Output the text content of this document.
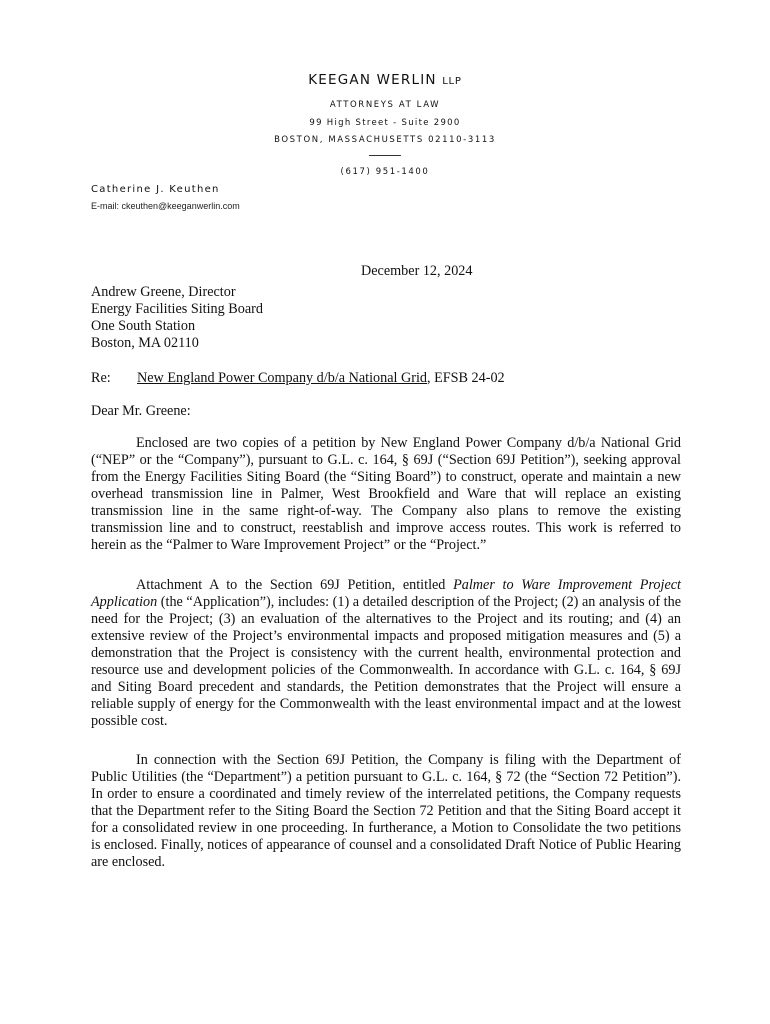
KEEGAN WERLIN LLP
ATTORNEYS AT LAW
99 High Street - Suite 2900
BOSTON, MASSACHUSETTS 02110-3113
(617) 951-1400
Catherine J. Keuthen
E-mail: ckeuthen@keeganwerlin.com
December 12, 2024
Andrew Greene, Director
Energy Facilities Siting Board
One South Station
Boston, MA 02110
Re: New England Power Company d/b/a National Grid, EFSB 24-02
Dear Mr. Greene:

Enclosed are two copies of a petition by New England Power Company d/b/a National Grid (“NEP” or the “Company”), pursuant to G.L. c. 164, § 69J (“Section 69J Petition”), seeking approval from the Energy Facilities Siting Board (the “Siting Board”) to construct, operate and maintain a new overhead transmission line in Palmer, West Brookfield and Ware that will replace an existing transmission line in the same right-of-way. The Company also plans to remove the existing transmission line and to construct, reestablish and improve access routes. This work is referred to herein as the “Palmer to Ware Improvement Project” or the “Project.”

Attachment A to the Section 69J Petition, entitled Palmer to Ware Improvement Project Application (the “Application”), includes: (1) a detailed description of the Project; (2) an analysis of the need for the Project; (3) an evaluation of the alternatives to the Project and its routing; and (4) an extensive review of the Project’s environmental impacts and proposed mitigation measures and (5) a demonstration that the Project is consistency with the current health, environmental protection and resource use and development policies of the Commonwealth. In accordance with G.L. c. 164, § 69J and Siting Board precedent and standards, the Petition demonstrates that the Project will ensure a reliable supply of energy for the Commonwealth with the least environmental impact and at the lowest possible cost.

In connection with the Section 69J Petition, the Company is filing with the Department of Public Utilities (the “Department”) a petition pursuant to G.L. c. 164, § 72 (the “Section 72 Petition”). In order to ensure a coordinated and timely review of the interrelated petitions, the Company requests that the Department refer to the Siting Board the Section 72 Petition and that the Siting Board accept it for a consolidated review in one proceeding. In furtherance, a Motion to Consolidate the two petitions is enclosed. Finally, notices of appearance of counsel and a consolidated Draft Notice of Public Hearing are enclosed.
